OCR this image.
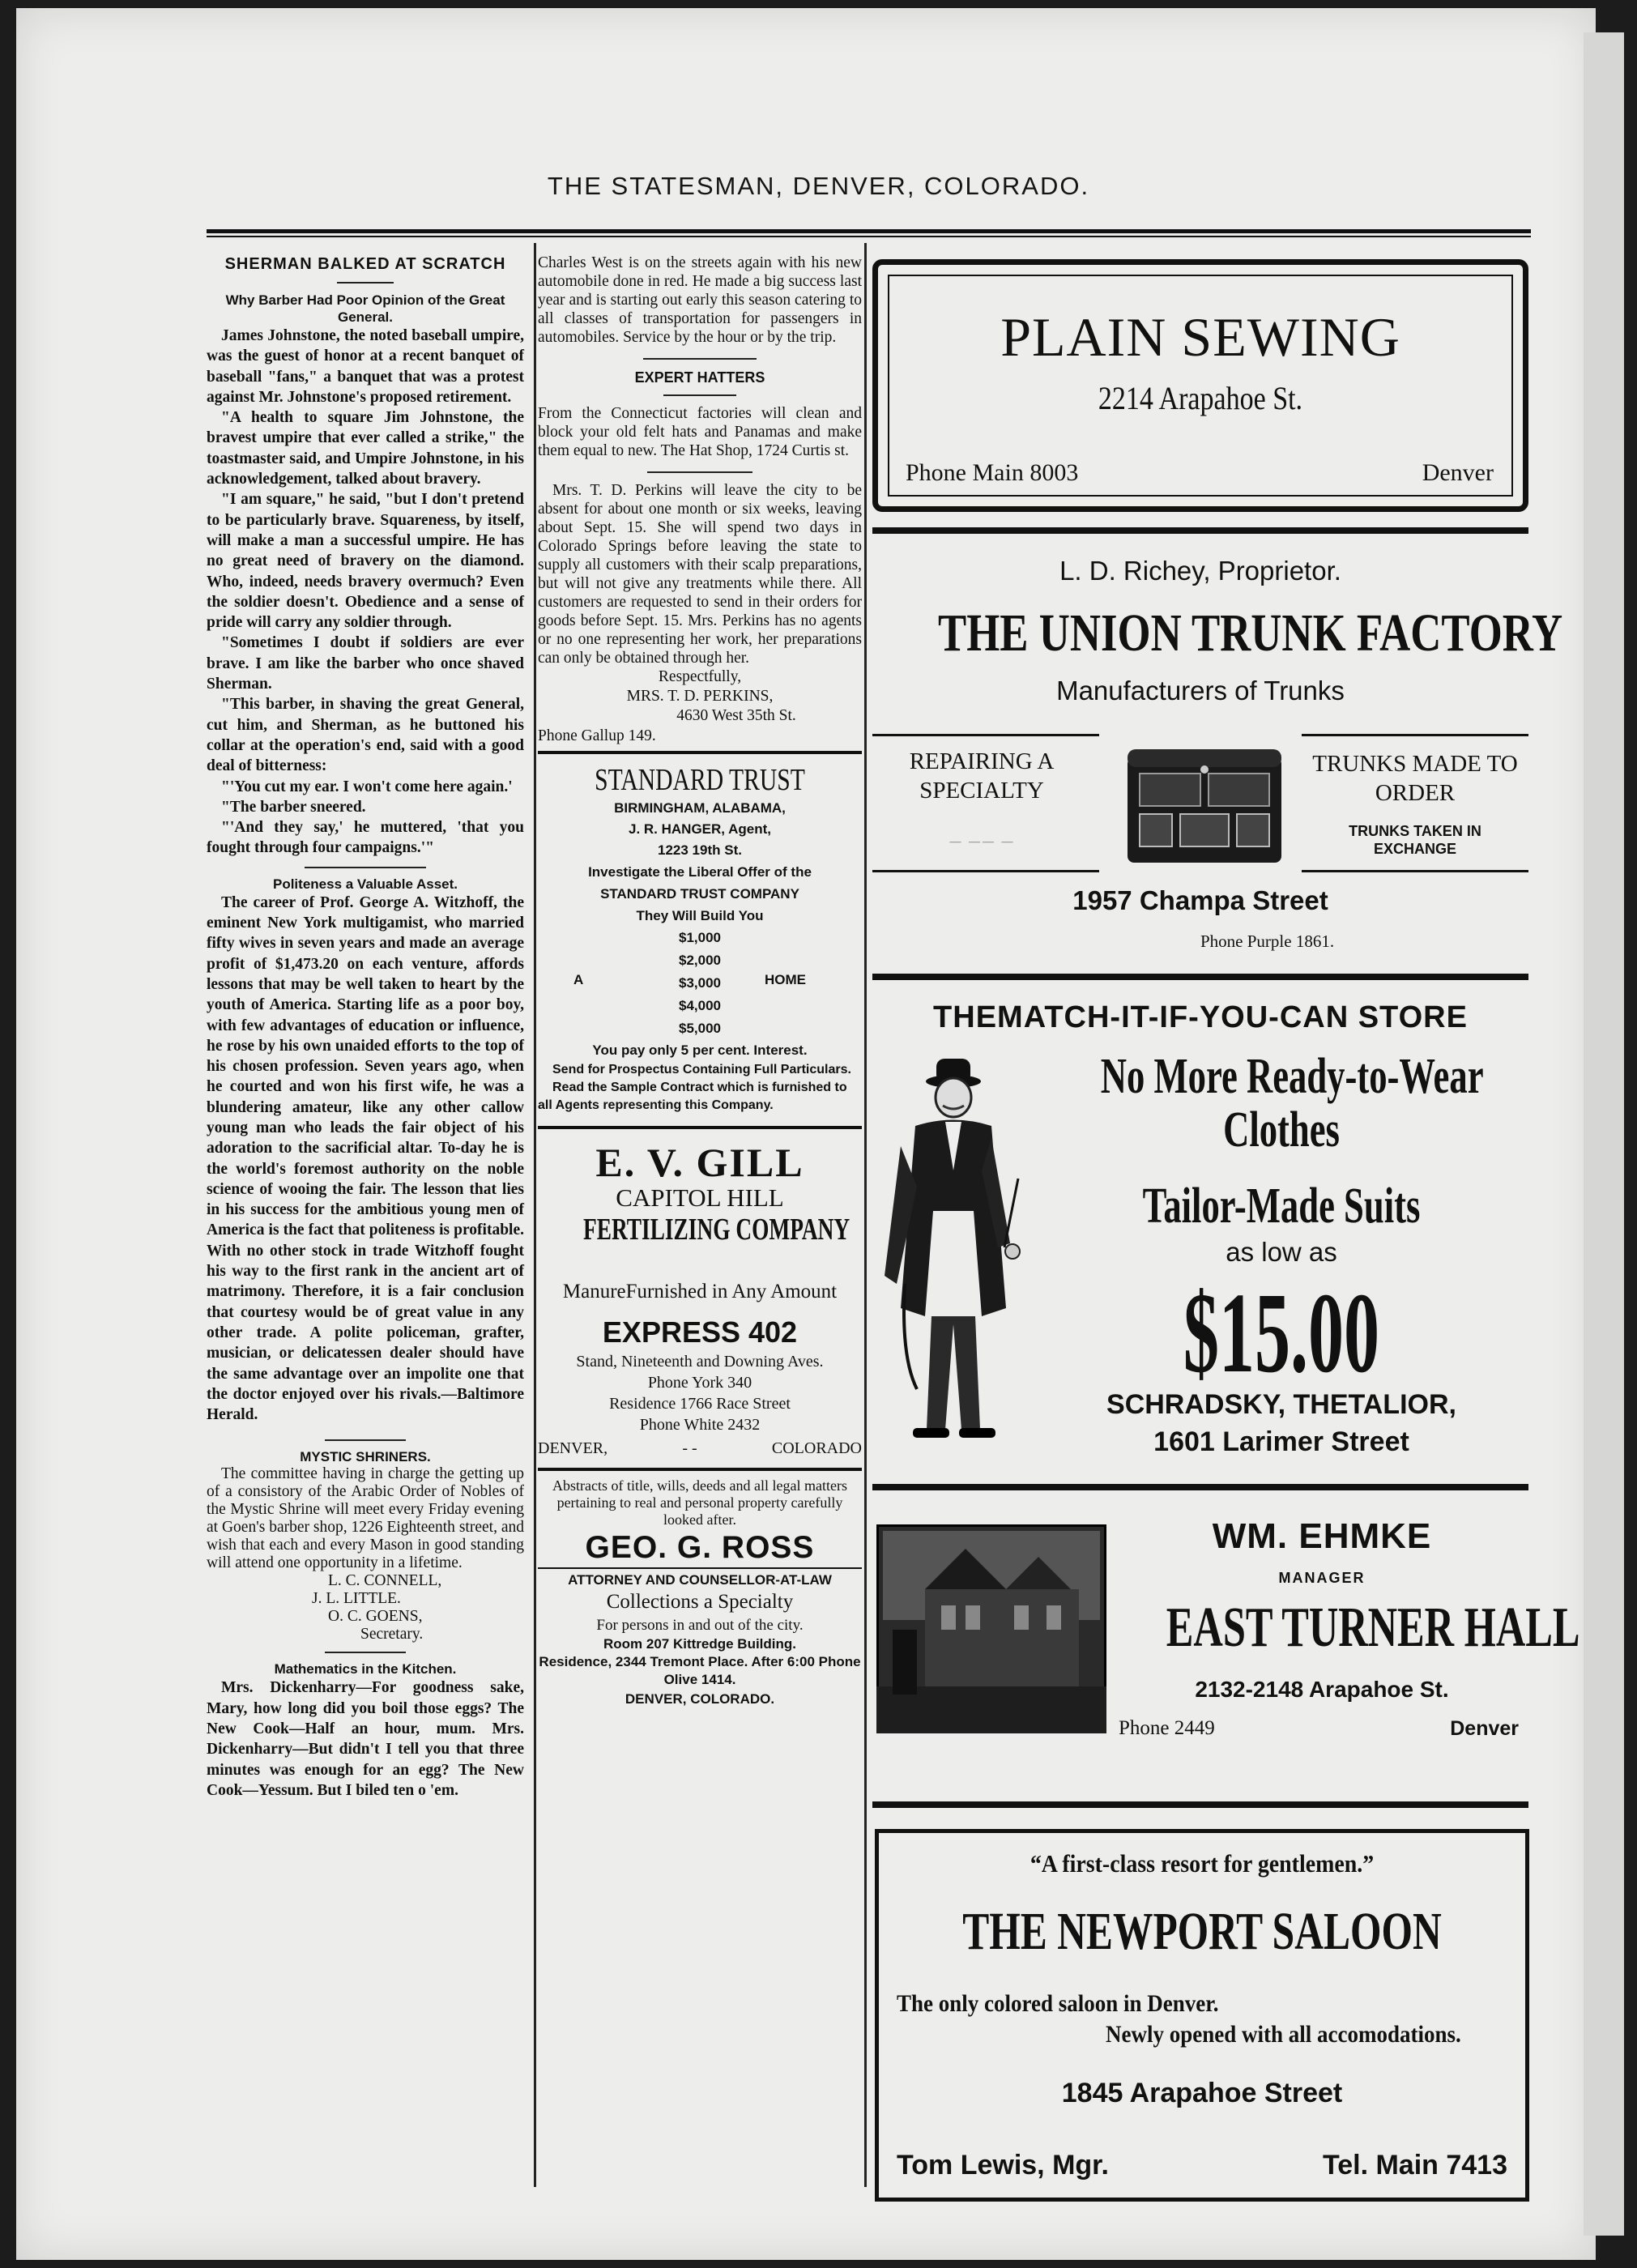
THE STATESMAN, DENVER, COLORADO.
SHERMAN BALKED AT SCRATCH
Why Barber Had Poor Opinion of the Great General.

James Johnstone, the noted baseball umpire, was the guest of honor at a recent banquet of baseball "fans," a banquet that was a protest against Mr. Johnstone's proposed retirement.

"A health to square Jim Johnstone, the bravest umpire that ever called a strike," the toastmaster said, and Umpire Johnstone, in his acknowledgement, talked about bravery.

"I am square," he said, "but I don't pretend to be particularly brave. Squareness, by itself, will make a man a successful umpire. He has no great need of bravery on the diamond. Who, indeed, needs bravery overmuch? Even the soldier doesn't. Obedience and a sense of pride will carry any soldier through.

"Sometimes I doubt if soldiers are ever brave. I am like the barber who once shaved Sherman.

"This barber, in shaving the great General, cut him, and Sherman, as he buttoned his collar at the operation's end, said with a good deal of bitterness:

"'You cut my ear. I won't come here again.'

"The barber sneered.

"'And they say,' he muttered, 'that you fought through four campaigns.'"

Politeness a Valuable Asset.

The career of Prof. George A. Witzhoff, the eminent New York multigamist, who married fifty wives in seven years and made an average profit of $1,473.20 on each venture, affords lessons that may be well taken to heart by the youth of America. Starting life as a poor boy, with few advantages of education or influence, he rose by his own unaided efforts to the top of his chosen profession. Seven years ago, when he courted and won his first wife, he was a blundering amateur, like any other callow young man who leads the fair object of his adoration to the sacrificial altar. To-day he is the world's foremost authority on the noble science of wooing the fair. The lesson that lies in his success for the ambitious young men of America is the fact that politeness is profitable. With no other stock in trade Witzhoff fought his way to the first rank in the ancient art of matrimony. Therefore, it is a fair conclusion that courtesy would be of great value in any other trade. A polite policeman, grafter, musician, or delicatessen dealer should have the same advantage over an impolite one that the doctor enjoyed over his rivals.—Baltimore Herald.

MYSTIC SHRINERS.

The committee having in charge the getting up of a consistory of the Arabic Order of Nobles of the Mystic Shrine will meet every Friday evening at Goen's barber shop, 1226 Eighteenth street, and wish that each and every Mason in good standing will attend one opportunity in a lifetime.

L. C. CONNELL,
J. L. LITTLE.
O. C. GOENS,
Secretary.
Mathematics in the Kitchen.

Mrs. Dickenharry—For goodness sake, Mary, how long did you boil those eggs? The New Cook—Half an hour, mum. Mrs. Dickenharry—But didn't I tell you that three minutes was enough for an egg? The New Cook—Yessum. But I biled ten o 'em.

Charles West is on the streets again with his new automobile done in red. He made a big success last year and is starting out early this season catering to all classes of transportation for passengers in automobiles. Service by the hour or by the trip.
EXPERT HATTERS
From the Connecticut factories will clean and block your old felt hats and Panamas and make them equal to new. The Hat Shop, 1724 Curtis st.

Mrs. T. D. Perkins will leave the city to be absent for about one month or six weeks, leaving about Sept. 15. She will spend two days in Colorado Springs before leaving the state to supply all customers with their scalp preparations, but will not give any treatments while there. All customers are requested to send in their orders for goods before Sept. 15. Mrs. Perkins has no agents or no one representing her work, her preparations can only be obtained through her.

Respectfully,
MRS. T. D. PERKINS,
4630 West 35th St.
Phone Gallup 149.
STANDARD TRUST
BIRMINGHAM, ALABAMA,
J. R. HANGER, Agent,
1223 19th St.
Investigate the Liberal Offer of the
STANDARD TRUST COMPANY
They Will Build You
$1,000
$2,000
$3,000
$4,000
$5,000
A	HOME
You pay only 5 per cent. Interest.
Send for Prospectus Containing Full Particulars.
Read the Sample Contract which is furnished to all Agents representing this Company.
E. V. GILL
CAPITOL HILL
FERTILIZING COMPANY
ManureFurnished in Any Amount
EXPRESS 402
Stand, Nineteenth and Downing Aves.
Phone York 340
Residence 1766 Race Street
Phone White 2432
DENVER,	- -	COLORADO
Abstracts of title, wills, deeds and all legal matters pertaining to real and personal property carefully looked after.
GEO. G. ROSS
ATTORNEY AND COUNSELLOR-AT-LAW
Collections a Specialty
For persons in and out of the city.
Room 207 Kittredge Building.
Residence, 2344 Tremont Place. After 6:00 Phone Olive 1414.
DENVER, COLORADO.
PLAIN SEWING
2214 Arapahoe St.
Phone Main 8003	Denver
L. D. Richey, Proprietor.
THE UNION TRUNK FACTORY
Manufacturers of Trunks
REPAIRING A SPECIALTY
— —— —
TRUNKS MADE TO ORDER
TRUNKS TAKEN IN EXCHANGE
1957 Champa Street
Phone Purple 1861.
THEMATCH-IT-IF-YOU-CAN STORE
No More Ready-to-Wear
Clothes
Tailor-Made Suits
as low as
$15.00
SCHRADSKY, THETALIOR,
1601 Larimer Street
WM. EHMKE
MANAGER
EAST TURNER HALL
2132-2148 Arapahoe St.
Phone 2449	Denver
“A first-class resort for gentlemen.”
THE NEWPORT SALOON
The only colored saloon in Denver.
Newly opened with all accomodations.
1845 Arapahoe Street
Tom Lewis, Mgr.	Tel. Main 7413
